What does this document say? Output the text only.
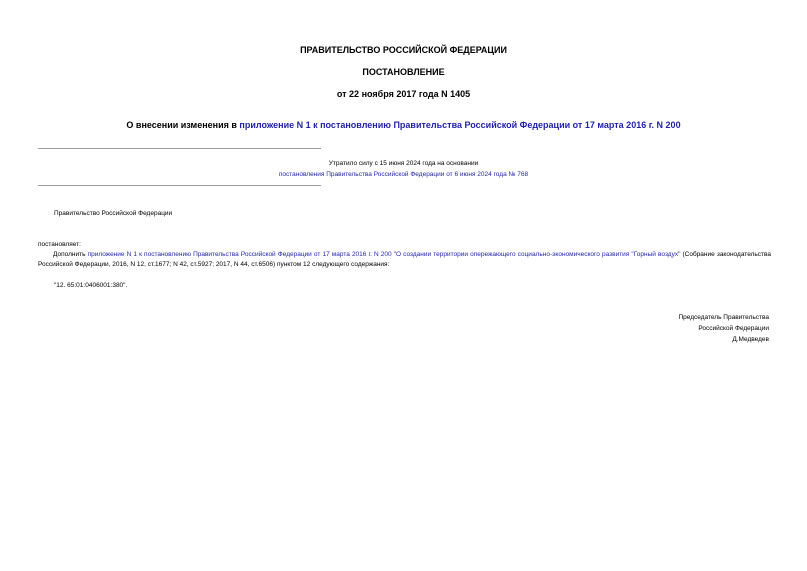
ПРАВИТЕЛЬСТВО РОССИЙСКОЙ ФЕДЕРАЦИИ
ПОСТАНОВЛЕНИЕ
от 22 ноября 2017 года N 1405
О внесении изменения в приложение N 1 к постановлению Правительства Российской Федерации от 17 марта 2016 г. N 200
Утратило силу с 15 июня 2024 года на основании
постановления Правительства Российской Федерации от 6 июня 2024 года № 768
Правительство Российской Федерации
постановляет:
Дополнить приложение N 1 к постановлению Правительства Российской Федерации от 17 марта 2016 г. N 200 "О создании территории опережающего социально-экономического развития "Горный воздух" (Собрание законодательства Российской Федерации, 2016, N 12, ст.1677; N 42, ст.5927; 2017, N 44, ст.6506) пунктом 12 следующего содержания:
"12. 65:01:0406001:380".
Председатель Правительства
Российской Федерации
Д.Медведев
